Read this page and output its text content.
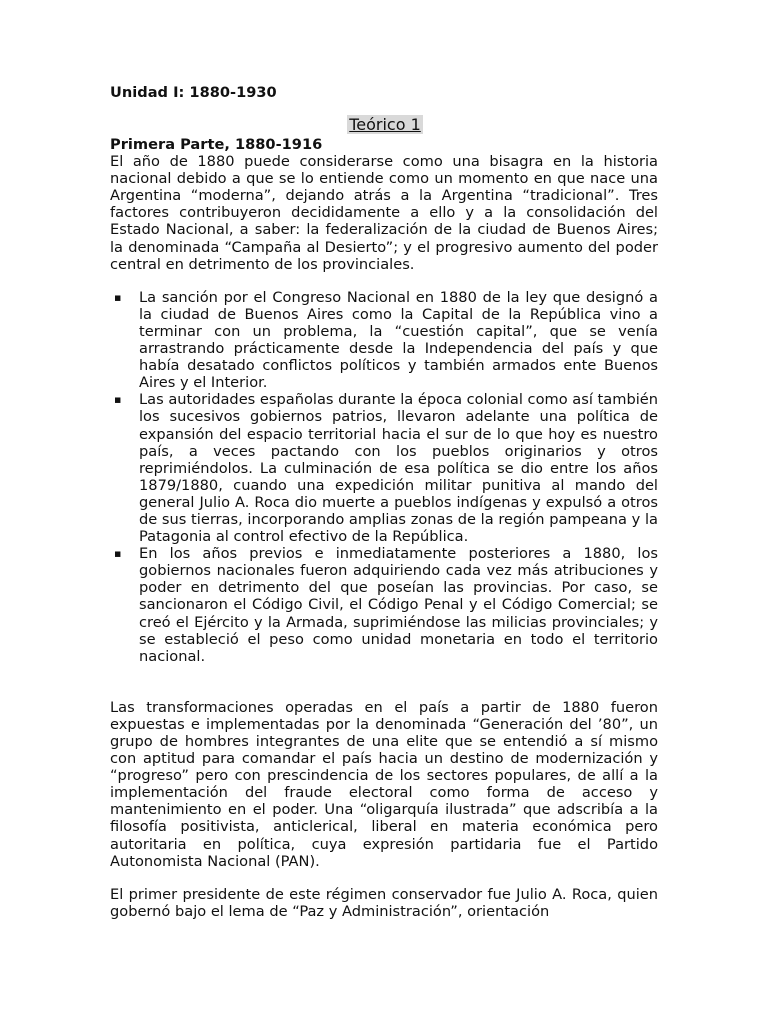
Unidad I: 1880-1930
Teórico 1
Primera Parte, 1880-1916

El año de 1880 puede considerarse como una bisagra en la historia nacional debido a que se lo entiende como un momento en que nace una Argentina “moderna”, dejando atrás a la Argentina “tradicional”. Tres factores contribuyeron decididamente a ello y a la consolidación del Estado Nacional, a saber: la federalización de la ciudad de Buenos Aires; la denominada “Campaña al Desierto”; y el progresivo aumento del poder central en detrimento de los provinciales.

▪ La sanción por el Congreso Nacional en 1880 de la ley que designó a la ciudad de Buenos Aires como la Capital de la República vino a terminar con un problema, la “cuestión capital”, que se venía arrastrando prácticamente desde la Independencia del país y que había desatado conflictos políticos y también armados ente Buenos Aires y el Interior.
▪ Las autoridades españolas durante la época colonial como así también los sucesivos gobiernos patrios, llevaron adelante una política de expansión del espacio territorial hacia el sur de lo que hoy es nuestro país, a veces pactando con los pueblos originarios y otros reprimiéndolos. La culminación de esa política se dio entre los años 1879/1880, cuando una expedición militar punitiva al mando del general Julio A. Roca dio muerte a pueblos indígenas y expulsó a otros de sus tierras, incorporando amplias zonas de la región pampeana y la Patagonia al control efectivo de la República.
▪ En los años previos e inmediatamente posteriores a 1880, los gobiernos nacionales fueron adquiriendo cada vez más atribuciones y poder en detrimento del que poseían las provincias. Por caso, se sancionaron el Código Civil, el Código Penal y el Código Comercial; se creó el Ejército y la Armada, suprimiéndose las milicias provinciales; y se estableció el peso como unidad monetaria en todo el territorio nacional.

Las transformaciones operadas en el país a partir de 1880 fueron expuestas e implementadas por la denominada “Generación del ’80”, un grupo de hombres integrantes de una elite que se entendió a sí mismo con aptitud para comandar el país hacia un destino de modernización y “progreso” pero con prescindencia de los sectores populares, de allí a la implementación del fraude electoral como forma de acceso y mantenimiento en el poder. Una “oligarquía ilustrada” que adscribía a la filosofía positivista, anticlerical, liberal en materia económica pero autoritaria en política, cuya expresión partidaria fue el Partido Autonomista Nacional (PAN).

El primer presidente de este régimen conservador fue Julio A. Roca, quien gobernó bajo el lema de “Paz y Administración”, orientación
